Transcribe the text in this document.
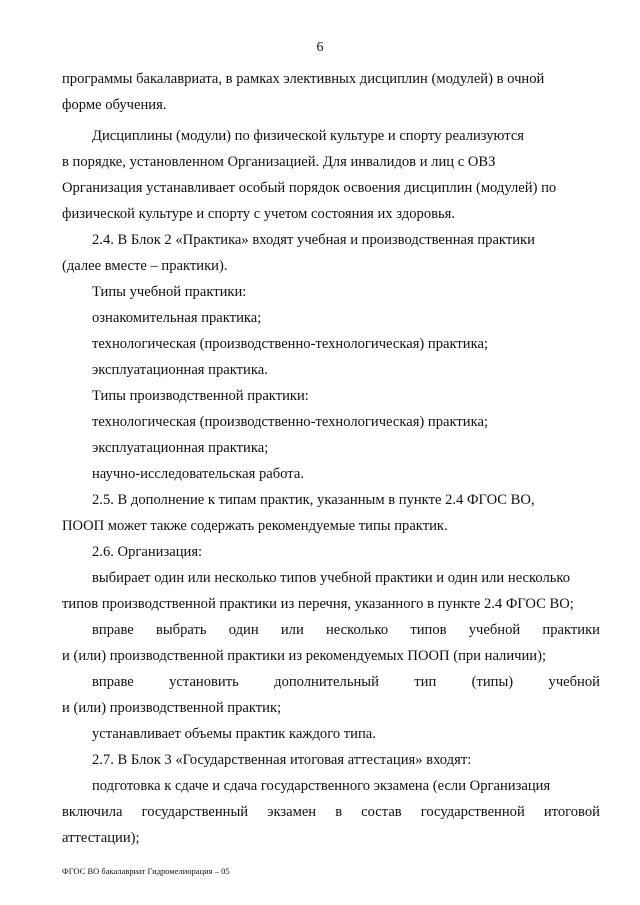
6

программы бакалавриата, в рамках элективных дисциплин (модулей) в очной

форме обучения.

Дисциплины (модули) по физической культуре и спорту реализуются

в порядке, установленном Организацией. Для инвалидов и лиц с ОВЗ

Организация устанавливает особый порядок освоения дисциплин (модулей) по

физической культуре и спорту с учетом состояния их здоровья.

2.4. В Блок 2 «Практика» входят учебная и производственная практики

(далее вместе – практики).

Типы учебной практики:

ознакомительная практика;

технологическая (производственно-технологическая) практика;

эксплуатационная практика.

Типы производственной практики:

технологическая (производственно-технологическая) практика;

эксплуатационная практика;

научно-исследовательская работа.

2.5. В дополнение к типам практик, указанным в пункте 2.4 ФГОС ВО,

ПООП может также содержать рекомендуемые типы практик.

2.6. Организация:

выбирает один или несколько типов учебной практики и один или несколько

типов производственной практики из перечня, указанного в пункте 2.4 ФГОС ВО;

вправе выбрать один или несколько типов учебной практики

и (или) производственной практики из рекомендуемых ПООП (при наличии);

вправе установить дополнительный тип (типы) учебной

и (или) производственной практик;

устанавливает объемы практик каждого типа.

2.7. В Блок 3 «Государственная итоговая аттестация» входят:

подготовка к сдаче и сдача государственного экзамена (если Организация

включила государственный экзамен в состав государственной итоговой

аттестации);

ФГОС ВО бакалавриат Гидромелиорация – 05
